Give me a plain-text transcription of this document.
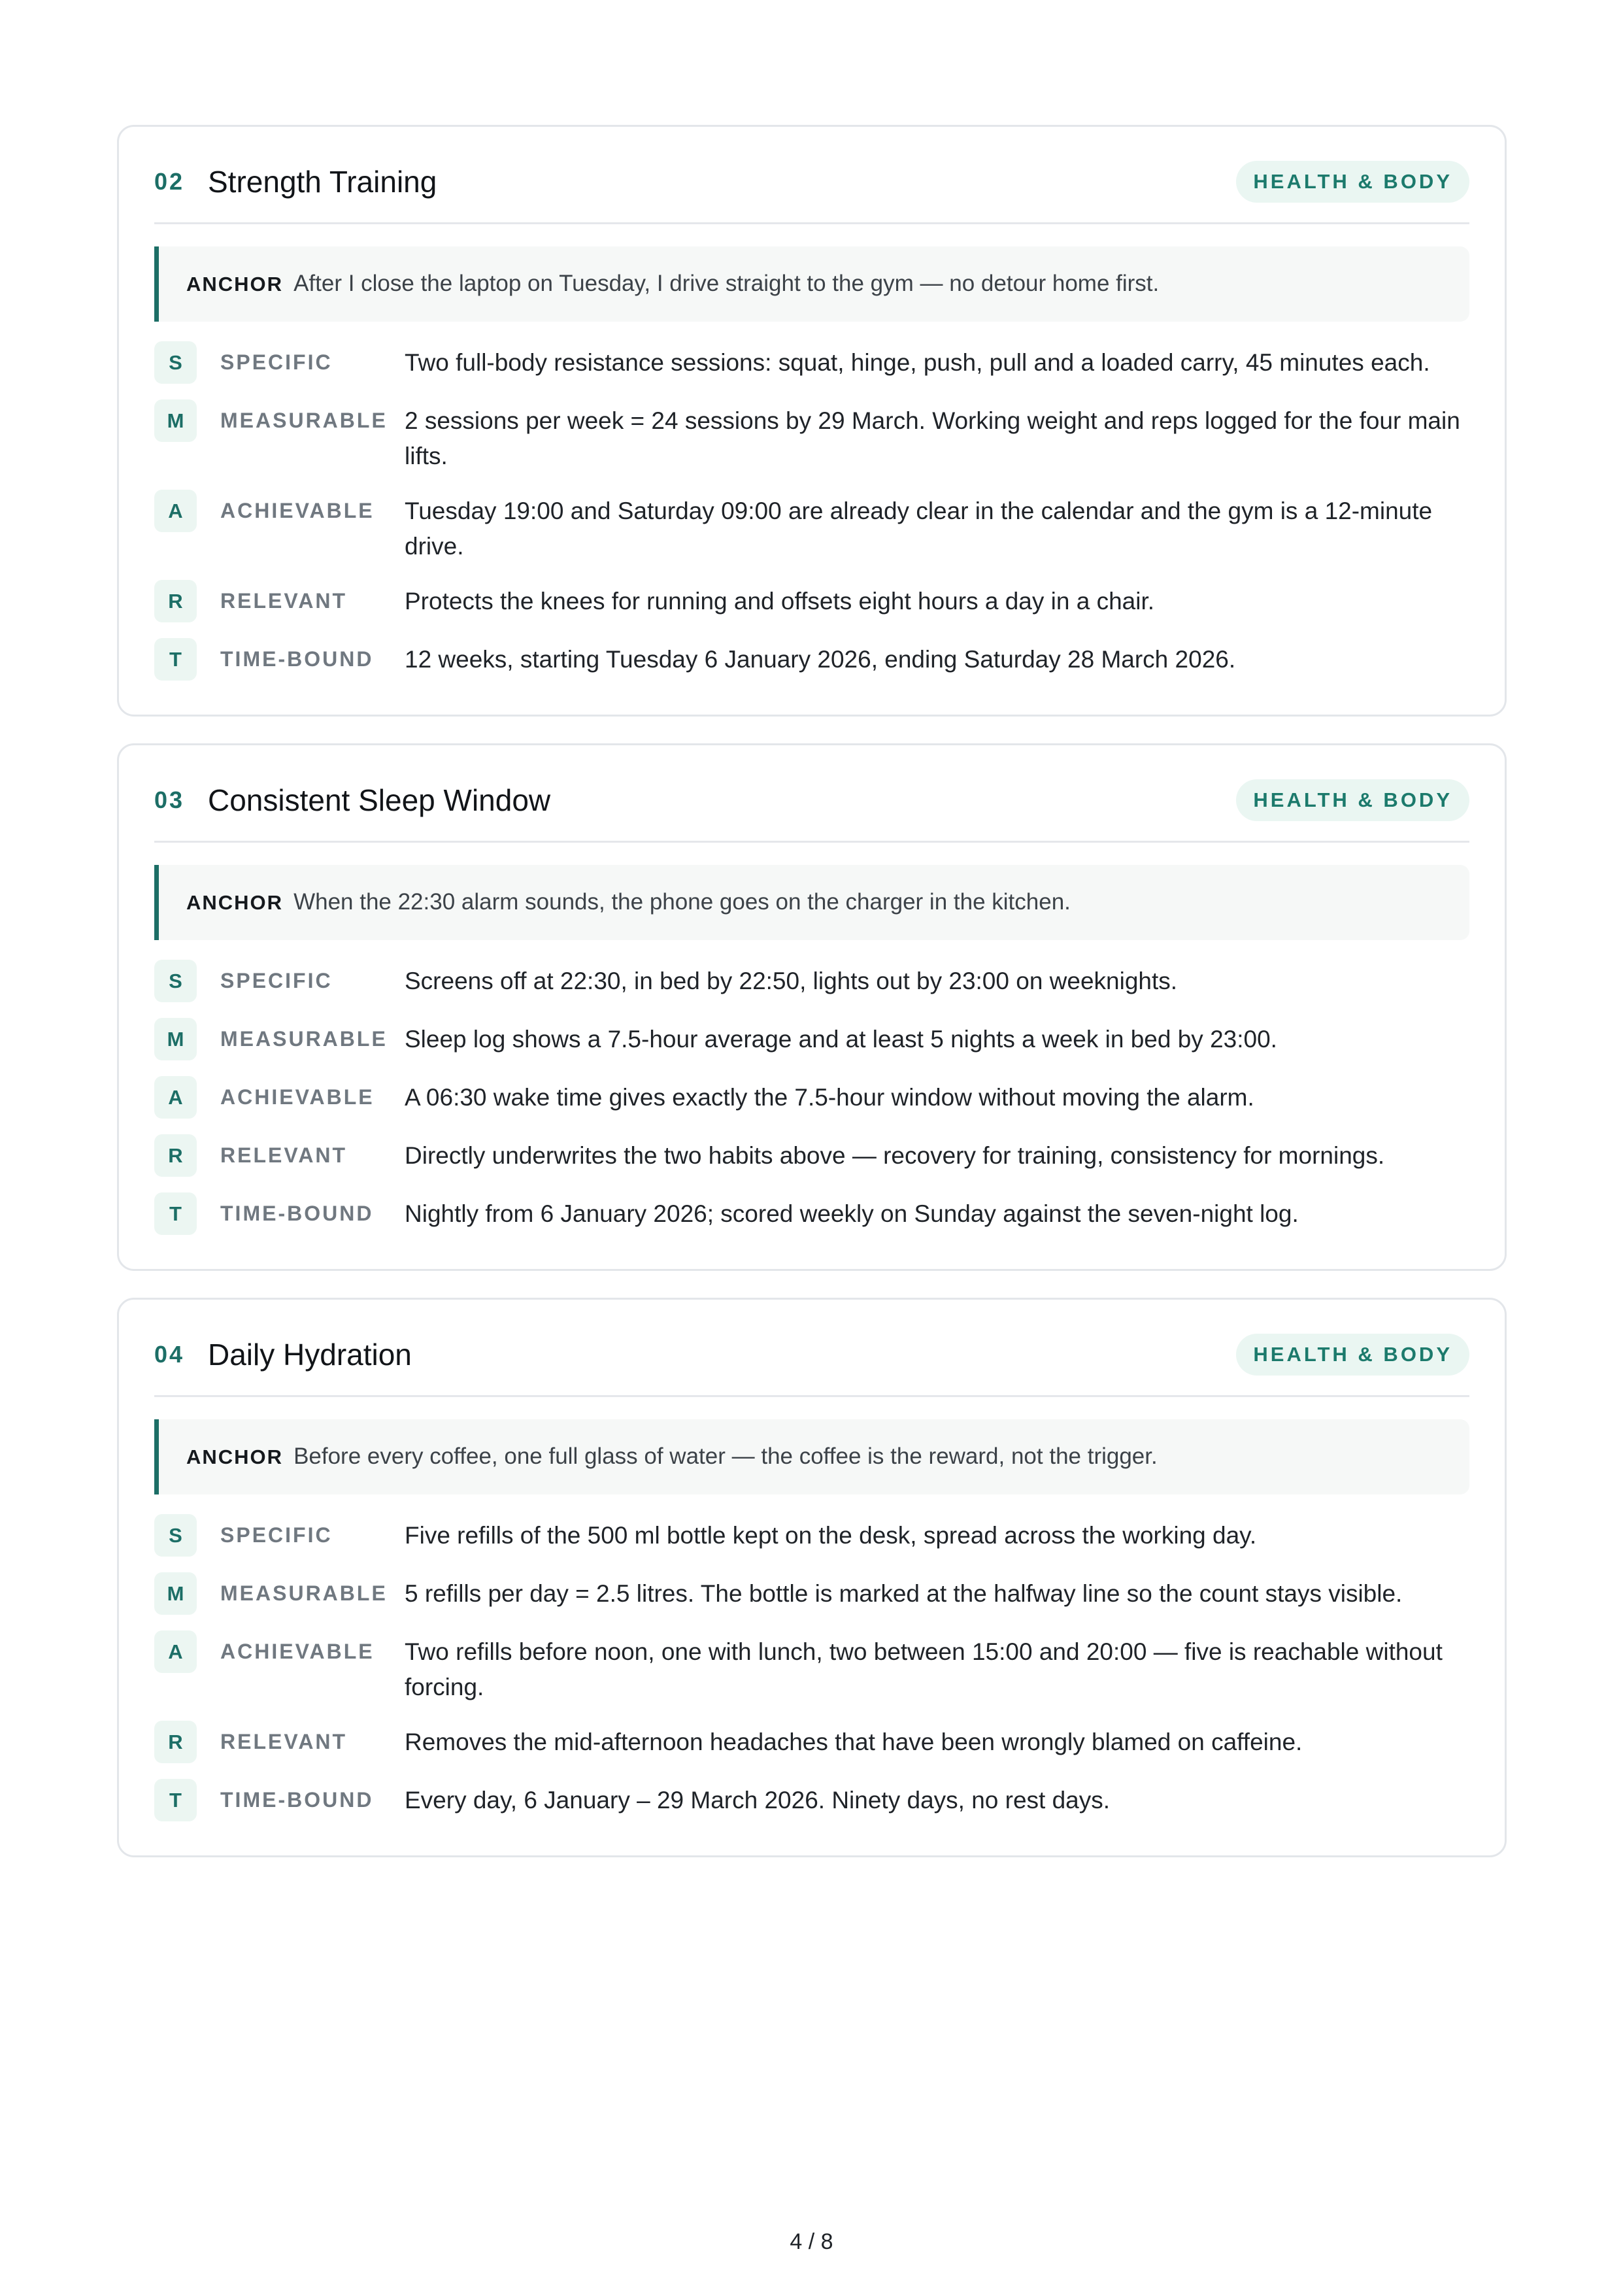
02 Strength Training	HEALTH & BODY
ANCHOR After I close the laptop on Tuesday, I drive straight to the gym — no detour home first.
S	SPECIFIC	Two full-body resistance sessions: squat, hinge, push, pull and a loaded carry, 45 minutes each.
M	MEASURABLE 2 sessions per week = 24 sessions by 29 March. Working weight and reps logged for the four main lifts.
A	ACHIEVABLE	Tuesday 19:00 and Saturday 09:00 are already clear in the calendar and the gym is a 12-minute drive.
R	RELEVANT	Protects the knees for running and offsets eight hours a day in a chair.
T	TIME-BOUND	12 weeks, starting Tuesday 6 January 2026, ending Saturday 28 March 2026.
03 Consistent Sleep Window	HEALTH & BODY
ANCHOR When the 22:30 alarm sounds, the phone goes on the charger in the kitchen.
S	SPECIFIC	Screens off at 22:30, in bed by 22:50, lights out by 23:00 on weeknights.
M	MEASURABLE Sleep log shows a 7.5-hour average and at least 5 nights a week in bed by 23:00.
A	ACHIEVABLE	A 06:30 wake time gives exactly the 7.5-hour window without moving the alarm.
R	RELEVANT	Directly underwrites the two habits above — recovery for training, consistency for mornings.
T	TIME-BOUND	Nightly from 6 January 2026; scored weekly on Sunday against the seven-night log.
04 Daily Hydration	HEALTH & BODY
ANCHOR Before every coffee, one full glass of water — the coffee is the reward, not the trigger.
S	SPECIFIC	Five refills of the 500 ml bottle kept on the desk, spread across the working day.
M	MEASURABLE 5 refills per day = 2.5 litres. The bottle is marked at the halfway line so the count stays visible.
A	ACHIEVABLE	Two refills before noon, one with lunch, two between 15:00 and 20:00 — five is reachable without forcing.
R	RELEVANT	Removes the mid-afternoon headaches that have been wrongly blamed on caffeine.
T	TIME-BOUND	Every day, 6 January – 29 March 2026. Ninety days, no rest days.
4 / 8
